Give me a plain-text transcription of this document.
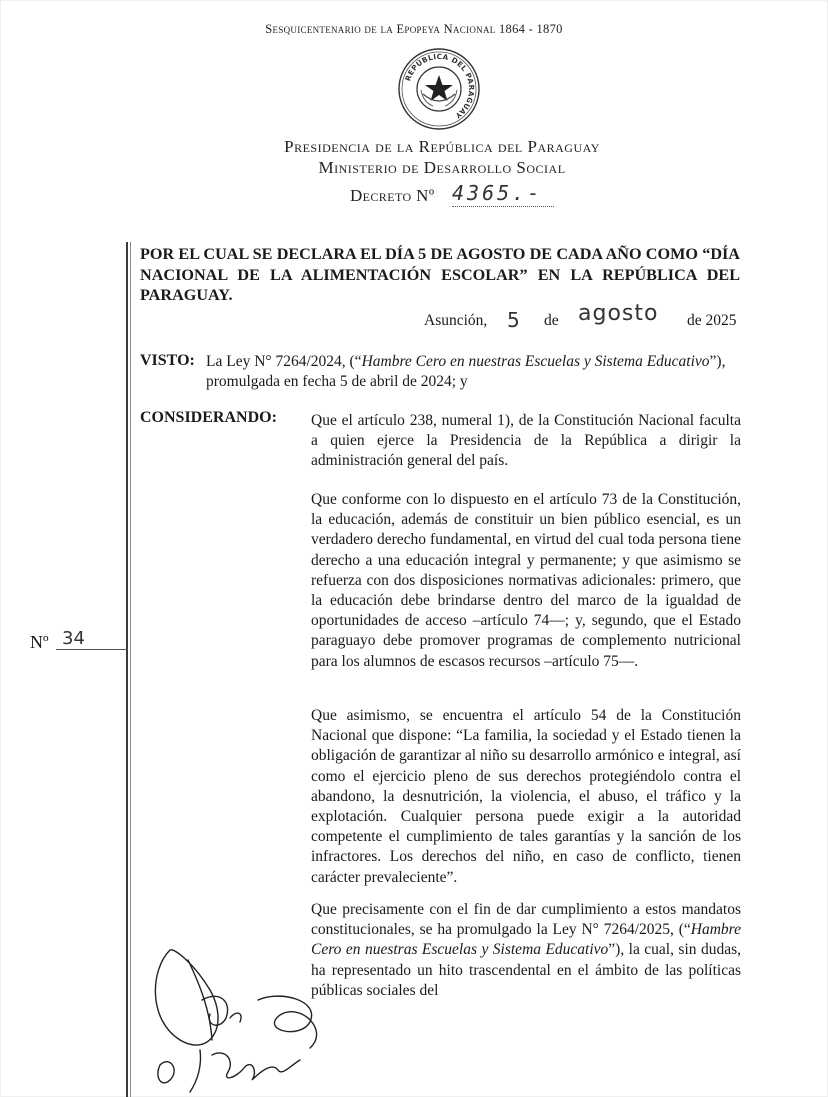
Sesquicentenario de la Epopeya Nacional 1864 - 1870
REPÚBLICA DEL PARAGUAY
Presidencia de la República del Paraguay
Ministerio de Desarrollo Social
Decreto Nº 4365.-

POR EL CUAL SE DECLARA EL DÍA 5 DE AGOSTO DE CADA AÑO COMO “DÍA NACIONAL DE LA ALIMENTACIÓN ESCOLAR” EN LA REPÚBLICA DEL PARAGUAY.

Asunción, 5 de agosto de 2025
VISTO: La Ley N° 7264/2024, (“Hambre Cero en nuestras Escuelas y Sistema Educativo”), promulgada en fecha 5 de abril de 2024; y

CONSIDERANDO: Que el artículo 238, numeral 1), de la Constitución Nacional faculta a quien ejerce la Presidencia de la República a dirigir la administración general del país.

Que conforme con lo dispuesto en el artículo 73 de la Constitución, la educación, además de constituir un bien público esencial, es un verdadero derecho fundamental, en virtud del cual toda persona tiene derecho a una educación integral y permanente; y que asimismo se refuerza con dos disposiciones normativas adicionales: primero, que la educación debe brindarse dentro del marco de la igualdad de oportunidades de acceso –artículo 74—; y, segundo, que el Estado paraguayo debe promover programas de complemento nutricional para los alumnos de escasos recursos –artículo 75—.

Que asimismo, se encuentra el artículo 54 de la Constitución Nacional que dispone: “La familia, la sociedad y el Estado tienen la obligación de garantizar al niño su desarrollo armónico e integral, así como el ejercicio pleno de sus derechos protegiéndolo contra el abandono, la desnutrición, la violencia, el abuso, el tráfico y la explotación. Cualquier persona puede exigir a la autoridad competente el cumplimiento de tales garantías y la sanción de los infractores. Los derechos del niño, en caso de conflicto, tienen carácter prevaleciente”.

Que precisamente con el fin de dar cumplimiento a estos mandatos constitucionales, se ha promulgado la Ley N° 7264/2025, (“Hambre Cero en nuestras Escuelas y Sistema Educativo”), la cual, sin dudas, ha representado un hito trascendental en el ámbito de las políticas públicas sociales del

Nº 34
